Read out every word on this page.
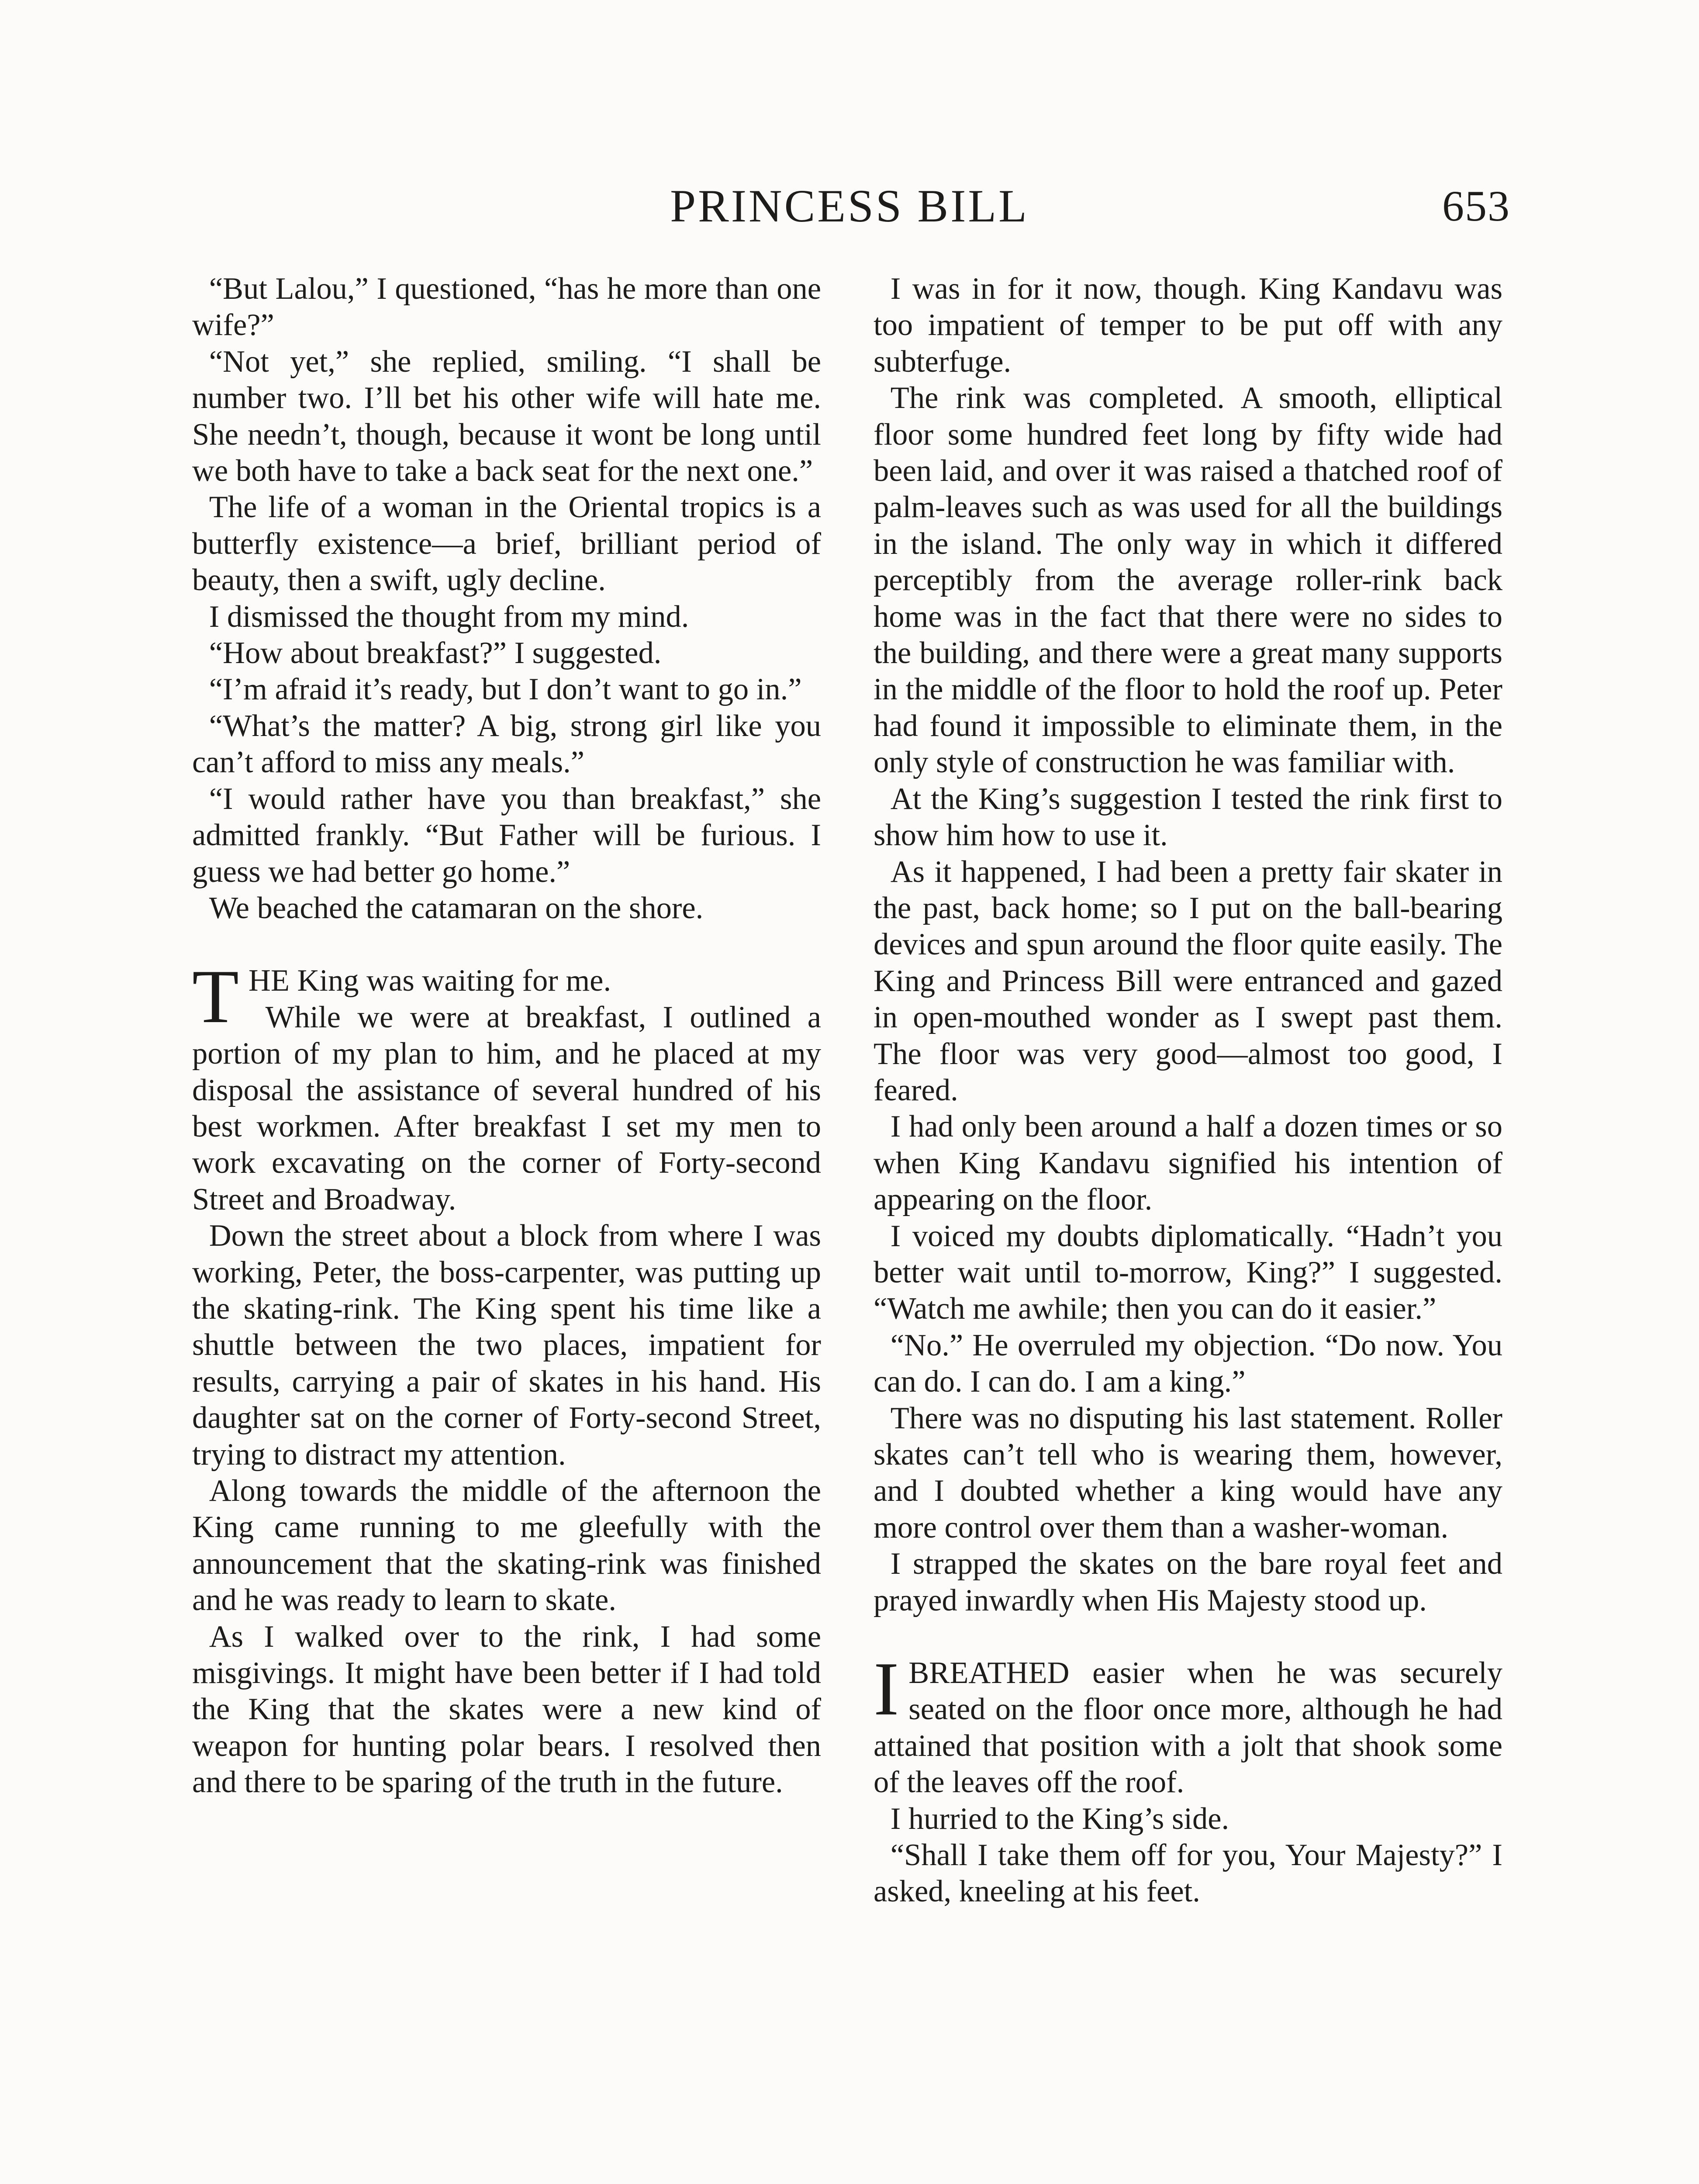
PRINCESS BILL	653

“But Lalou,” I questioned, “has he more than one wife?”

“Not yet,” she replied, smiling. “I shall be number two. I’ll bet his other wife will hate me. She needn’t, though, because it wont be long until we both have to take a back seat for the next one.”

The life of a woman in the Oriental tropics is a butterfly existence—a brief, brilliant period of beauty, then a swift, ugly decline.

I dismissed the thought from my mind.

“How about breakfast?” I suggested.

“I’m afraid it’s ready, but I don’t want to go in.”

“What’s the matter? A big, strong girl like you can’t afford to miss any meals.”

“I would rather have you than breakfast,” she admitted frankly. “But Father will be furious. I guess we had better go home.”

We beached the catamaran on the shore.

THE King was waiting for me.

While we were at breakfast, I outlined a portion of my plan to him, and he placed at my disposal the assistance of several hundred of his best workmen. After breakfast I set my men to work excavating on the corner of Forty-second Street and Broadway.

Down the street about a block from where I was working, Peter, the boss-carpenter, was putting up the skating-rink. The King spent his time like a shuttle between the two places, impatient for results, carrying a pair of skates in his hand. His daughter sat on the corner of Forty-second Street, trying to distract my attention.

Along towards the middle of the afternoon the King came running to me gleefully with the announcement that the skating-rink was finished and he was ready to learn to skate.

As I walked over to the rink, I had some misgivings. It might have been better if I had told the King that the skates were a new kind of weapon for hunting polar bears. I resolved then and there to be sparing of the truth in the future.

I was in for it now, though. King Kandavu was too impatient of temper to be put off with any subterfuge.

The rink was completed. A smooth, elliptical floor some hundred feet long by fifty wide had been laid, and over it was raised a thatched roof of palm-leaves such as was used for all the buildings in the island. The only way in which it differed perceptibly from the average roller-rink back home was in the fact that there were no sides to the building, and there were a great many supports in the middle of the floor to hold the roof up. Peter had found it impossible to eliminate them, in the only style of construction he was familiar with.

At the King’s suggestion I tested the rink first to show him how to use it.

As it happened, I had been a pretty fair skater in the past, back home; so I put on the ball-bearing devices and spun around the floor quite easily. The King and Princess Bill were entranced and gazed in open-mouthed wonder as I swept past them. The floor was very good—almost too good, I feared.

I had only been around a half a dozen times or so when King Kandavu signified his intention of appearing on the floor.

I voiced my doubts diplomatically. “Hadn’t you better wait until to-morrow, King?” I suggested. “Watch me awhile; then you can do it easier.”

“No.” He overruled my objection. “Do now. You can do. I can do. I am a king.”

There was no disputing his last statement. Roller skates can’t tell who is wearing them, however, and I doubted whether a king would have any more control over them than a washer-woman.

I strapped the skates on the bare royal feet and prayed inwardly when His Majesty stood up.

IBREATHED easier when he was securely seated on the floor once more, although he had attained that position with a jolt that shook some of the leaves off the roof.

I hurried to the King’s side.

“Shall I take them off for you, Your Majesty?” I asked, kneeling at his feet.
